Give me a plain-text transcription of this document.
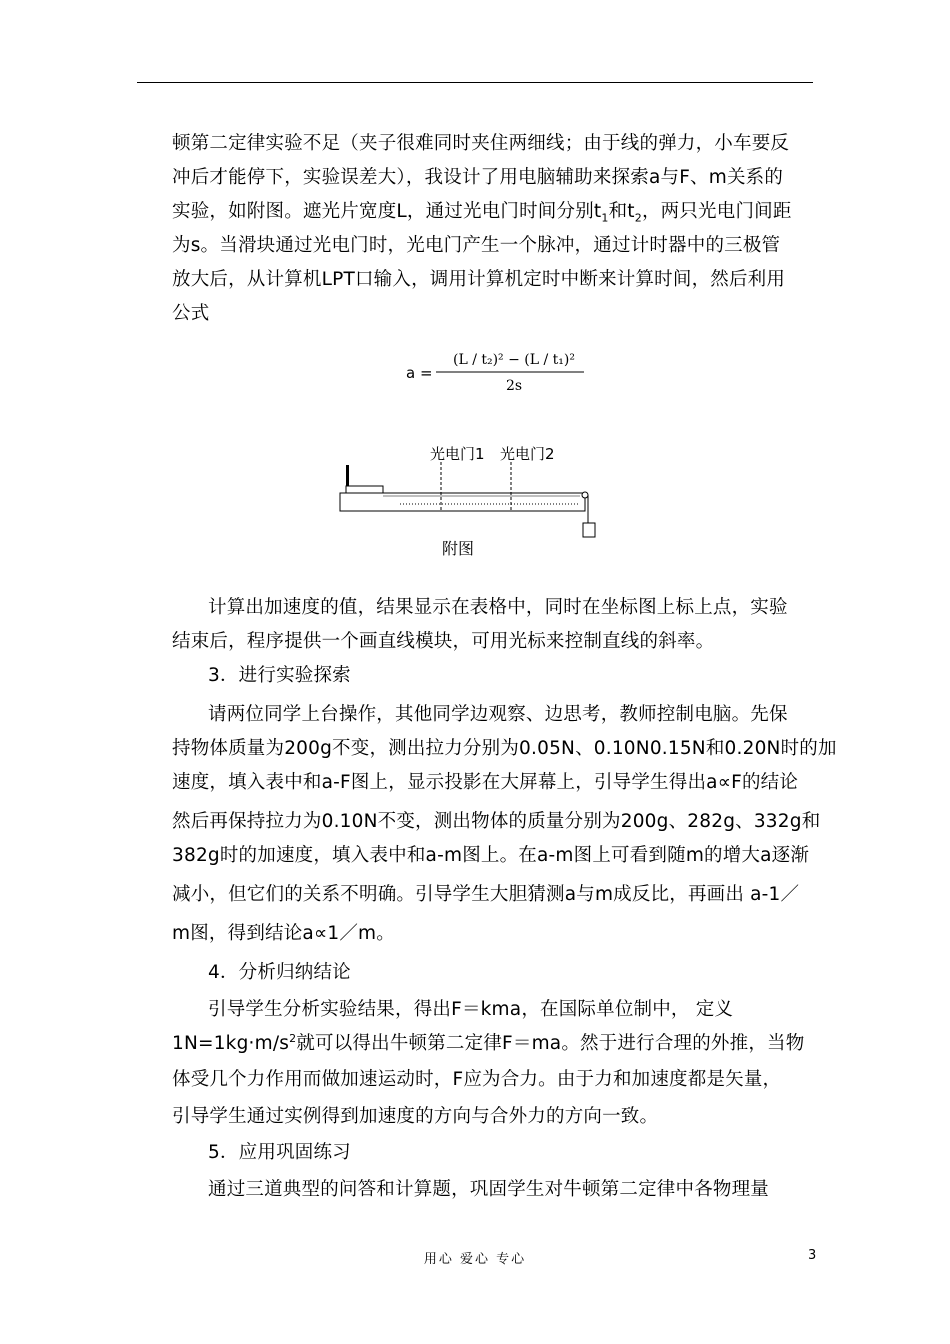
顿第二定律实验不足（夹子很难同时夹住两细线；由于线的弹力，小车要反
冲后才能停下，实验误差大），我设计了用电脑辅助来探索a与F、m关系的
实验，如附图。遮光片宽度L，通过光电门时间分别$t_1$和$t_2$，两只光电门间距
为s。当滑块通过光电门时，光电门产生一个脉冲，通过计时器中的三极管
放大后，从计算机LPT口输入，调用计算机定时中断来计算时间，然后利用
公式
a =
(L / t₂)² − (L / t₁)²
2s
光电门1 光电门2
附图
计算出加速度的值，结果显示在表格中，同时在坐标图上标上点，实验
结束后，程序提供一个画直线模块，可用光标来控制直线的斜率。
3．进行实验探索
请两位同学上台操作，其他同学边观察、边思考，教师控制电脑。先保
持物体质量为200g不变，测出拉力分别为0.05N、0.10N0.15N和0.20N时的加
速度，填入表中和a-F图上，显示投影在大屏幕上，引导学生得出a∝F的结论
然后再保持拉力为0.10N不变，测出物体的质量分别为200g、282g、332g和
382g时的加速度，填入表中和a-m图上。在a-m图上可看到随m的增大a逐渐
减小，但它们的关系不明确。引导学生大胆猜测a与m成反比，再画出 a-1／
m图，得到结论a∝1／m。
4．分析归纳结论
引导学生分析实验结果，得出F＝kma，在国际单位制中， 定义
$1N=1kg\cdot m/s^2$就可以得出牛顿第二定律F＝ma。然于进行合理的外推，当物
体受几个力作用而做加速运动时，F应为合力。由于力和加速度都是矢量，
引导学生通过实例得到加速度的方向与合外力的方向一致。
5．应用巩固练习
通过三道典型的问答和计算题，巩固学生对牛顿第二定律中各物理量
用心 爱心 专心	3
